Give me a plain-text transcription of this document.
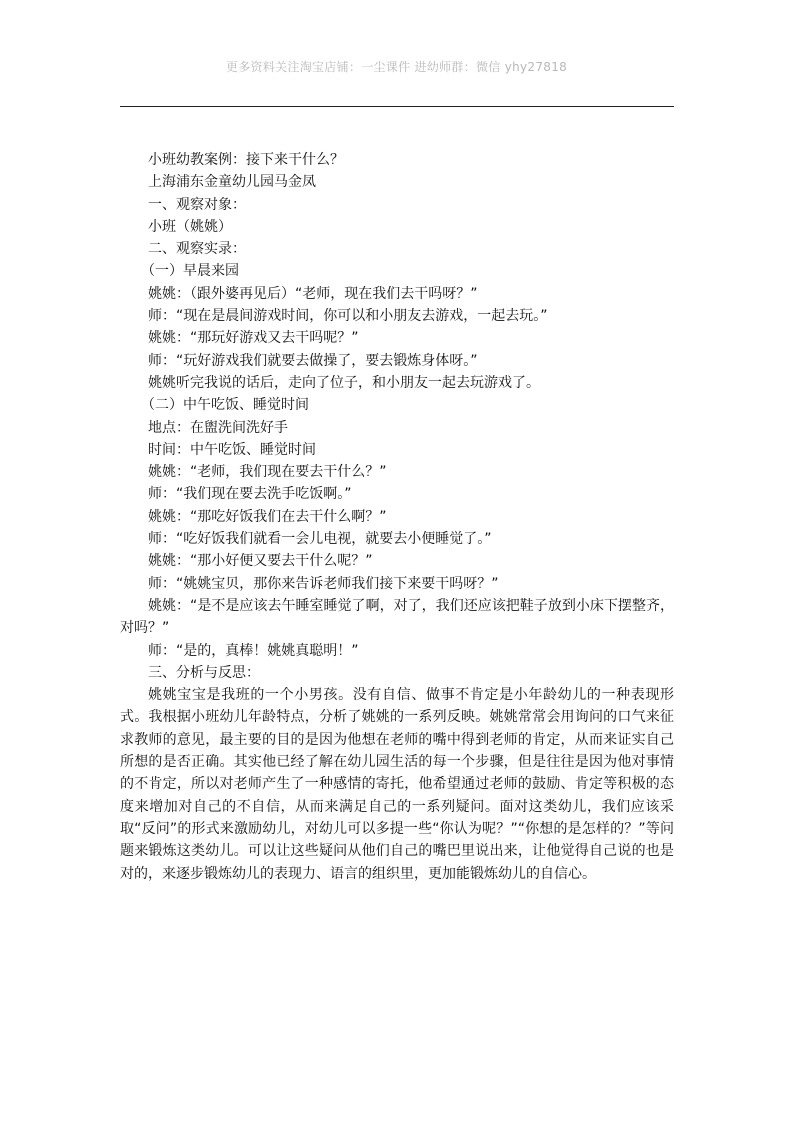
更多资料关注淘宝店铺：一尘课件 进幼师群：微信 yhy27818

　　小班幼教案例：接下来干什么？

　　上海浦东金童幼儿园马金凤

　　一、观察对象：

　　小班（姚姚）

　　二、观察实录：

　　（一）早晨来园

　　姚姚：（跟外婆再见后）“老师，现在我们去干吗呀？”

　　师：“现在是晨间游戏时间，你可以和小朋友去游戏，一起去玩。”

　　姚姚：“那玩好游戏又去干吗呢？”

　　师：“玩好游戏我们就要去做操了，要去锻炼身体呀。”

　　姚姚听完我说的话后，走向了位子，和小朋友一起去玩游戏了。

　　（二）中午吃饭、睡觉时间

　　地点：在盥洗间洗好手

　　时间：中午吃饭、睡觉时间

　　姚姚：“老师，我们现在要去干什么？”

　　师：“我们现在要去洗手吃饭啊。”

　　姚姚：“那吃好饭我们在去干什么啊？”

　　师：“吃好饭我们就看一会儿电视，就要去小便睡觉了。”

　　姚姚：“那小好便又要去干什么呢？”

　　师：“姚姚宝贝，那你来告诉老师我们接下来要干吗呀？”

姚姚：“是不是应该去午睡室睡觉了啊，对了，我们还应该把鞋子放到小床下摆整齐，对吗？”

　　师：“是的，真棒！姚姚真聪明！”

　　三、分析与反思：

姚姚宝宝是我班的一个小男孩。没有自信、做事不肯定是小年龄幼儿的一种表现形式。我根据小班幼儿年龄特点，分析了姚姚的一系列反映。姚姚常常会用询问的口气来征求教师的意见，最主要的目的是因为他想在老师的嘴中得到老师的肯定，从而来证实自己所想的是否正确。其实他已经了解在幼儿园生活的每一个步骤，但是往往是因为他对事情的不肯定，所以对老师产生了一种感情的寄托，他希望通过老师的鼓励、肯定等积极的态度来增加对自己的不自信，从而来满足自己的一系列疑问。面对这类幼儿，我们应该采取“反问”的形式来激励幼儿，对幼儿可以多提一些“你认为呢？”“你想的是怎样的？”等问题来锻炼这类幼儿。可以让这些疑问从他们自己的嘴巴里说出来，让他觉得自己说的也是对的，来逐步锻炼幼儿的表现力、语言的组织里，更加能锻炼幼儿的自信心。
